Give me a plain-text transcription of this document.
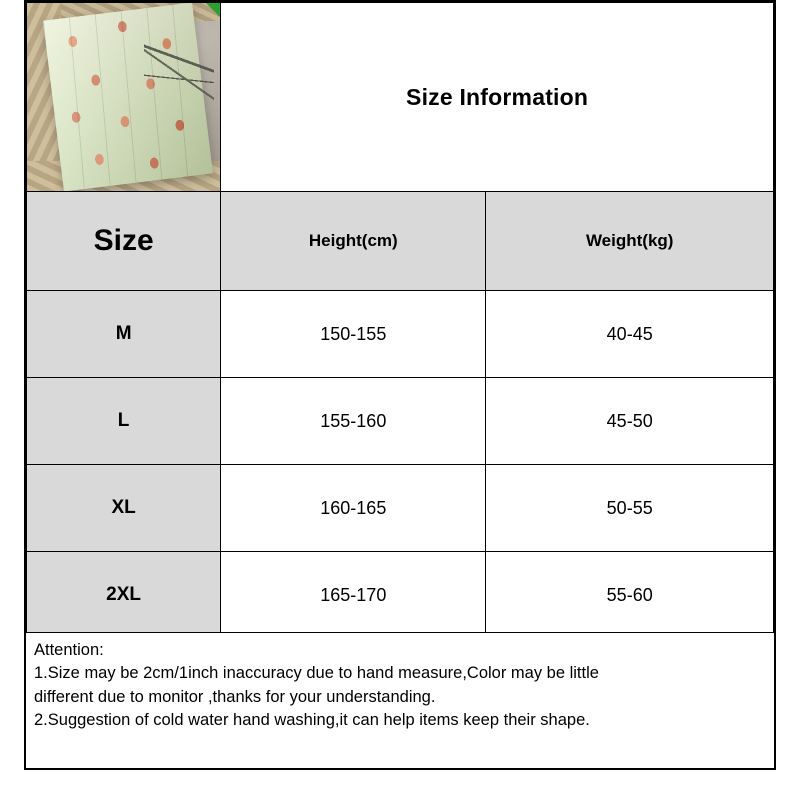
	Size Information	
Size	Height(cm)	Weight(kg)
M	150-155	40-45
L	155-160	45-50
XL	160-165	50-55
2XL	165-170	55-60
Attention:
1.Size may be 2cm/1inch inaccuracy due to hand measure,Color may be little
different due to monitor ,thanks for your understanding.
2.Suggestion of cold water hand washing,it can help items keep their shape.
